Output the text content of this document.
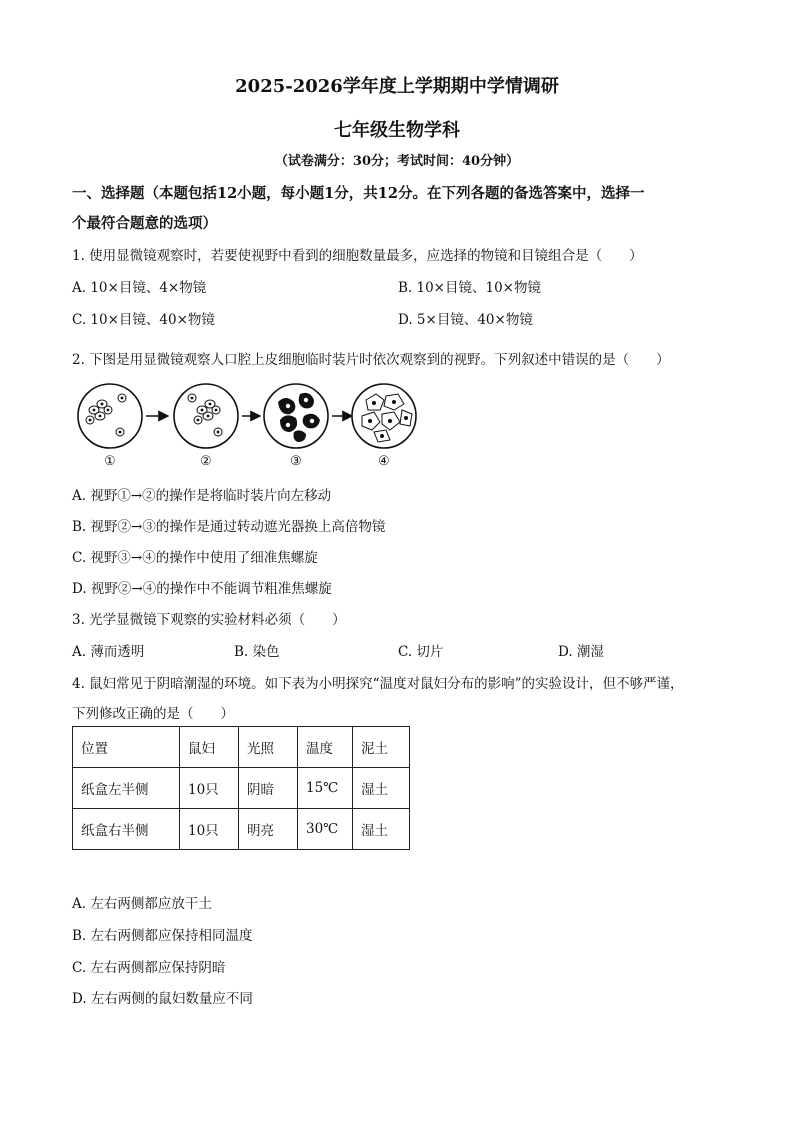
2025-2026学年度上学期期中学情调研
七年级生物学科
（试卷满分：30分；考试时间：40分钟）
一、选择题（本题包括12小题，每小题1分，共12分。在下列各题的备选答案中，选择一
个最符合题意的选项）
1. 使用显微镜观察时，若要使视野中看到的细胞数量最多，应选择的物镜和目镜组合是（　　）
A. 10×目镜、4×物镜	B. 10×目镜、10×物镜
C. 10×目镜、40×物镜	D. 5×目镜、40×物镜
2. 下图是用显微镜观察人口腔上皮细胞临时装片时依次观察到的视野。下列叙述中错误的是（　　）
①	②	③	④
A. 视野①→②的操作是将临时装片向左移动
B. 视野②→③的操作是通过转动遮光器换上高倍物镜
C. 视野③→④的操作中使用了细准焦螺旋
D. 视野②→④的操作中不能调节粗准焦螺旋
3. 光学显微镜下观察的实验材料必须（　　）
A. 薄而透明	B. 染色	C. 切片	D. 潮湿
4. 鼠妇常见于阴暗潮湿的环境。如下表为小明探究“温度对鼠妇分布的影响”的实验设计，但不够严谨，
下列修改正确的是（　　）
位置	鼠妇	光照	温度	泥土
纸盒左半侧	10只	阴暗	15℃	湿土
纸盒右半侧	10只	明亮	30℃	湿土
A. 左右两侧都应放干土
B. 左右两侧都应保持相同温度
C. 左右两侧都应保持阴暗
D. 左右两侧的鼠妇数量应不同
